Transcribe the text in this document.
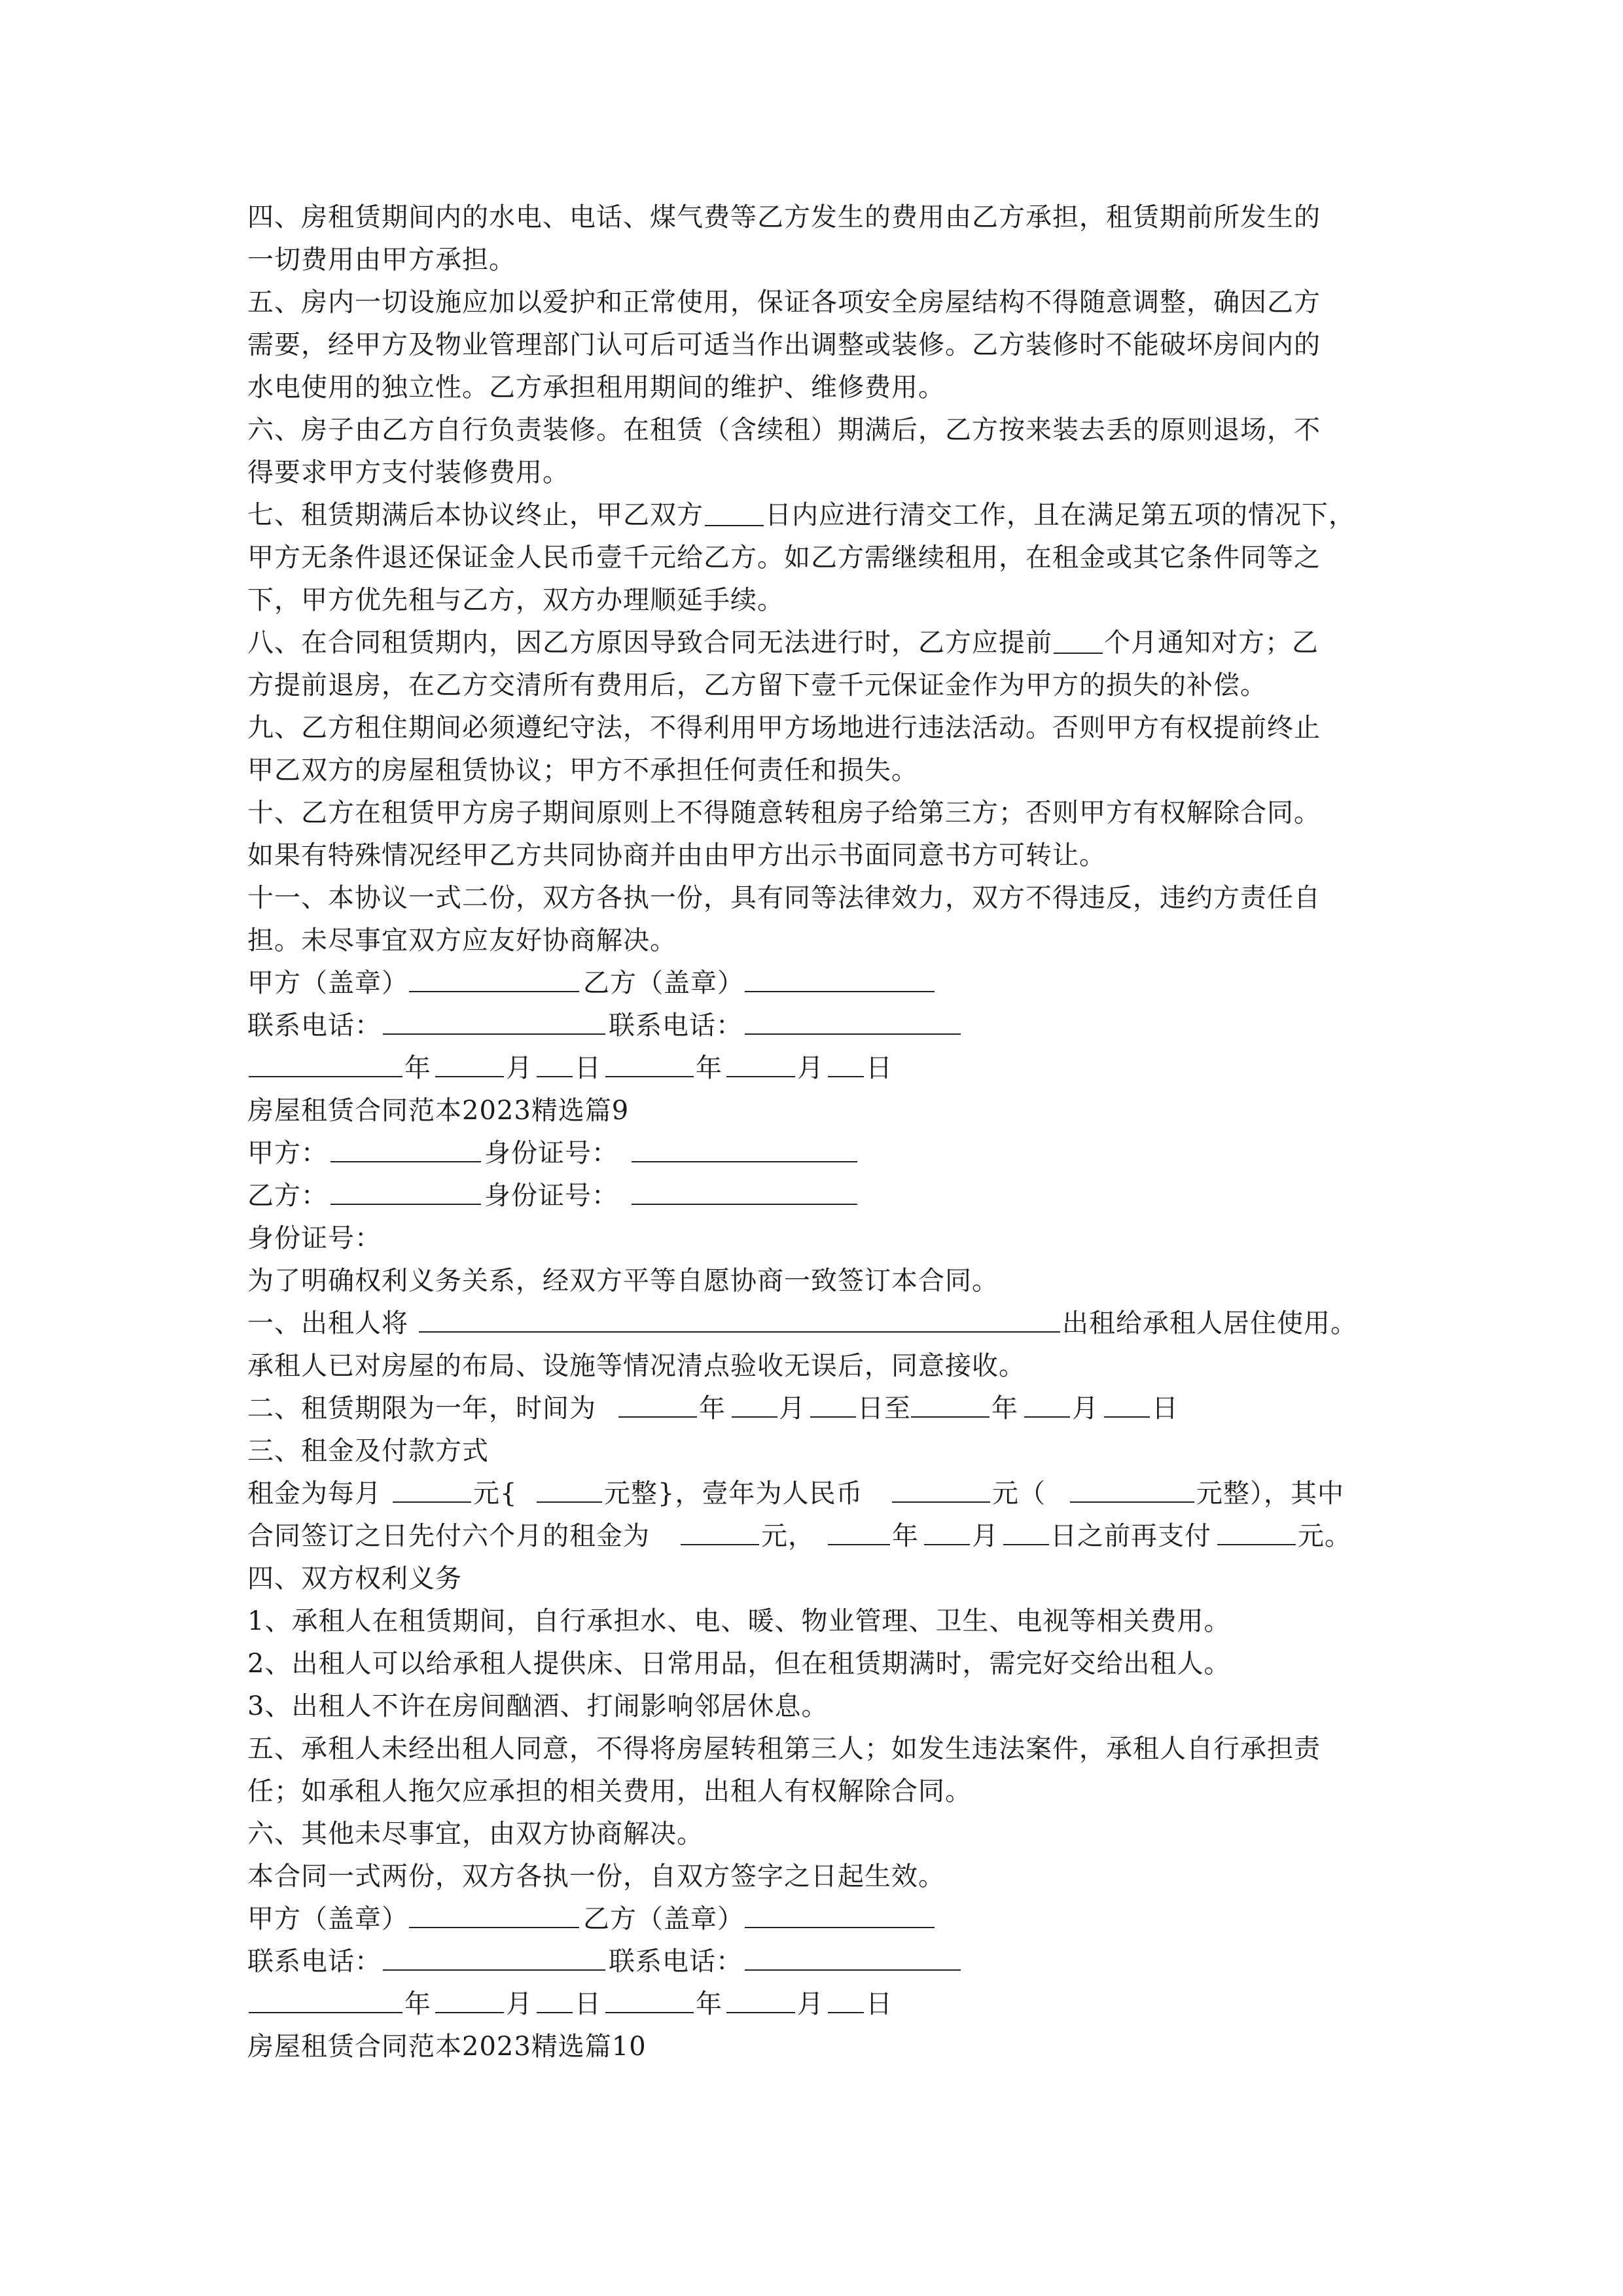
四、房租赁期间内的水电、电话、煤气费等乙方发生的费用由乙方承担，租赁期前所发生的
一切费用由甲方承担。
五、房内一切设施应加以爱护和正常使用，保证各项安全房屋结构不得随意调整，确因乙方
需要，经甲方及物业管理部门认可后可适当作出调整或装修。乙方装修时不能破坏房间内的
水电使用的独立性。乙方承担租用期间的维护、维修费用。
六、房子由乙方自行负责装修。在租赁（含续租）期满后，乙方按来装去丢的原则退场，不
得要求甲方支付装修费用。
七、租赁期满后本协议终止，甲乙双方 日内应进行清交工作，且在满足第五项的情况下，
甲方无条件退还保证金人民币壹千元给乙方。如乙方需继续租用，在租金或其它条件同等之
下，甲方优先租与乙方，双方办理顺延手续。
八、在合同租赁期内，因乙方原因导致合同无法进行时，乙方应提前 个月通知对方；乙
方提前退房，在乙方交清所有费用后，乙方留下壹千元保证金作为甲方的损失的补偿。
九、乙方租住期间必须遵纪守法，不得利用甲方场地进行违法活动。否则甲方有权提前终止
甲乙双方的房屋租赁协议；甲方不承担任何责任和损失。
十、乙方在租赁甲方房子期间原则上不得随意转租房子给第三方；否则甲方有权解除合同。
如果有特殊情况经甲乙方共同协商并由由甲方出示书面同意书方可转让。
十一、本协议一式二份，双方各执一份，具有同等法律效力，双方不得违反，违约方责任自
担。未尽事宜双方应友好协商解决。
甲方（盖章）	乙方（盖章）
联系电话：	联系电话：
年	月 日	年	月 日
房屋租赁合同范本2023精选篇9
甲方：	身份证号：
乙方：	身份证号：
身份证号：
为了明确权利义务关系，经双方平等自愿协商一致签订本合同。
一、出租人将	出租给承租人居住使用。
承租人已对房屋的布局、设施等情况清点验收无误后，同意接收。
二、租赁期限为一年，时间为	年 月 日至	年 月 日
三、租金及付款方式
租金为每月	元{	元整}，壹年为人民币	元（	元整），其中
合同签订之日先付六个月的租金为	元，	年 月 日之前再支付	元。
四、双方权利义务
1、承租人在租赁期间，自行承担水、电、暖、物业管理、卫生、电视等相关费用。
2、出租人可以给承租人提供床、日常用品，但在租赁期满时，需完好交给出租人。
3、出租人不许在房间酗酒、打闹影响邻居休息。
五、承租人未经出租人同意，不得将房屋转租第三人；如发生违法案件，承租人自行承担责
任；如承租人拖欠应承担的相关费用，出租人有权解除合同。
六、其他未尽事宜，由双方协商解决。
本合同一式两份，双方各执一份，自双方签字之日起生效。
甲方（盖章）	乙方（盖章）
联系电话：	联系电话：
年	月 日	年	月 日
房屋租赁合同范本2023精选篇10
